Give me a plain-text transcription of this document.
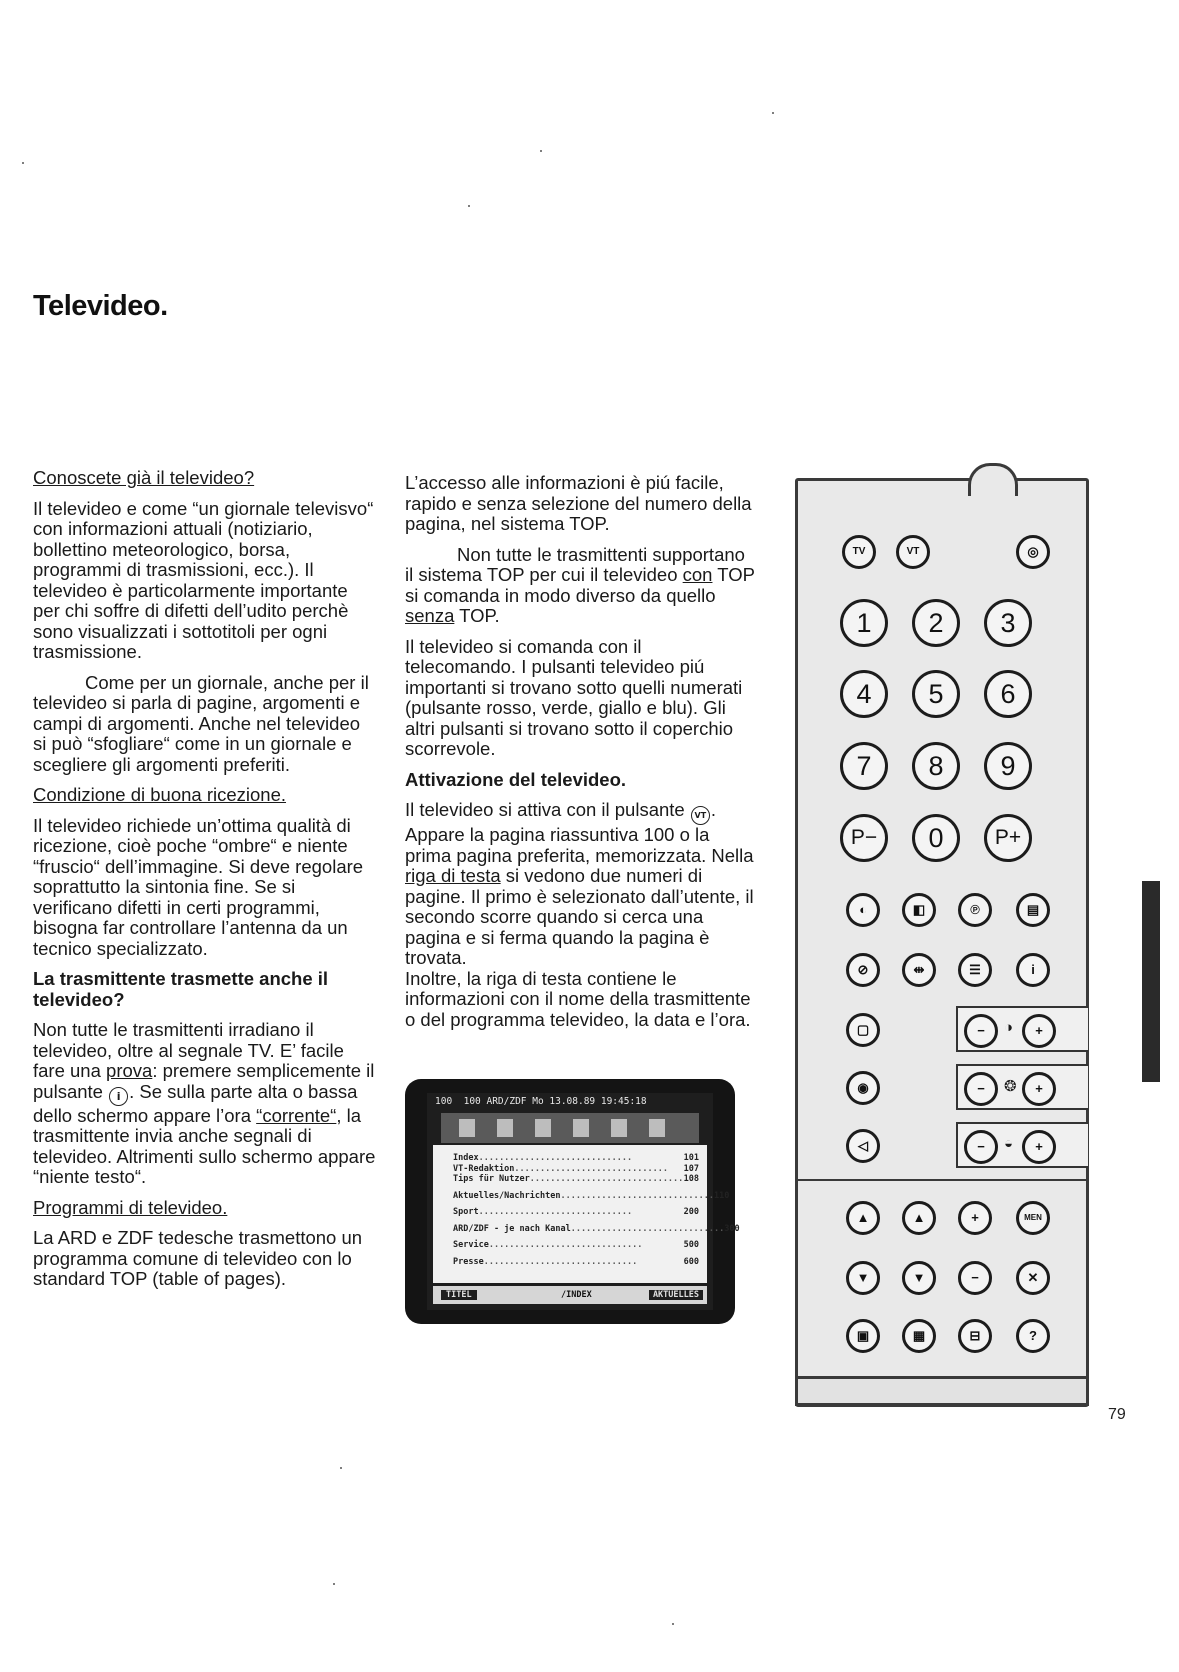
Televideo.

Conoscete già il televideo?

Il televideo e come “un giornale televisvo“ con informazioni attuali (notiziario, bollettino meteorologico, borsa, programmi di trasmissioni, ecc.). Il televideo è particolarmente importante per chi soffre di difetti dell’udito perchè sono visualizzati i sottotitoli per ogni trasmissione.

Come per un giornale, anche per il televideo si parla di pagine, argomenti e campi di argomenti. Anche nel televideo si può “sfogliare“ come in un giornale e scegliere gli argomenti preferiti.

Condizione di buona ricezione.

Il televideo richiede un’ottima qualità di ricezione, cioè poche “ombre“ e niente “fruscio“ dell’immagine. Si deve regolare soprattutto la sintonia fine. Se si verificano difetti in certi programmi, bisogna far controllare l’antenna da un tecnico specializzato.

La trasmittente trasmette anche il televideo?

Non tutte le trasmittenti irradiano il televideo, oltre al segnale TV. E’ facile fare una prova: premere semplicemente il pulsante i . Se sulla parte alta o bassa dello schermo appare l’ora “corrente“, la trasmittente invia anche segnali di televideo. Altrimenti sullo schermo appare “niente testo“.

Programmi di televideo.

La ARD e ZDF tedesche trasmettono un programma comune di televideo con lo standard TOP (table of pages).

L’accesso alle informazioni è piú facile, rapido e senza selezione del numero della pagina, nel sistema TOP.

Non tutte le trasmittenti supportano il sistema TOP per cui il televideo con TOP si comanda in modo diverso da quello senza TOP.

Il televideo si comanda con il telecomando. I pulsanti televideo piú importanti si trovano sotto quelli numerati (pulsante rosso, verde, giallo e blu). Gli altri pulsanti si trovano sotto il coperchio scorrevole.

Attivazione del televideo.

Il televideo si attiva con il pulsante VT . Appare la pagina riassuntiva 100 o la prima pagina preferita, memorizzata. Nella riga di testa si vedono due numeri di pagine. Il primo è selezionato dall’utente, il secondo scorre quando si cerca una pagina e si ferma quando la pagina è trovata.

Inoltre, la riga di testa contiene le informazioni con il nome della trasmittente o del programma televideo, la data e l’ora.

100  100 ARD/ZDF Mo 13.08.89 19:45:18
Index ..............................	101
VT-Redaktion ..............................	107
Tips für Nutzer .............................. 108
Aktuelles/Nachrichten .............................. 110
Sport ..............................	200
ARD/ZDF - je nach Kanal .............................. 300
Service ..............................	500
Presse ..............................	600
TITEL	/INDEX	AKTUELLES
TV	VT	◎
1	2	3
4	5	6
7	8	9
P−	0	P+
◐	◧	℗	▤
⊘	⇹	☰	i
▢	−	◑	+
◉	−	❂	+
◁	−	◒	+
▲	▲	+	MEN
▼	▼	−	✕
▣	▦	⊟	?
79
